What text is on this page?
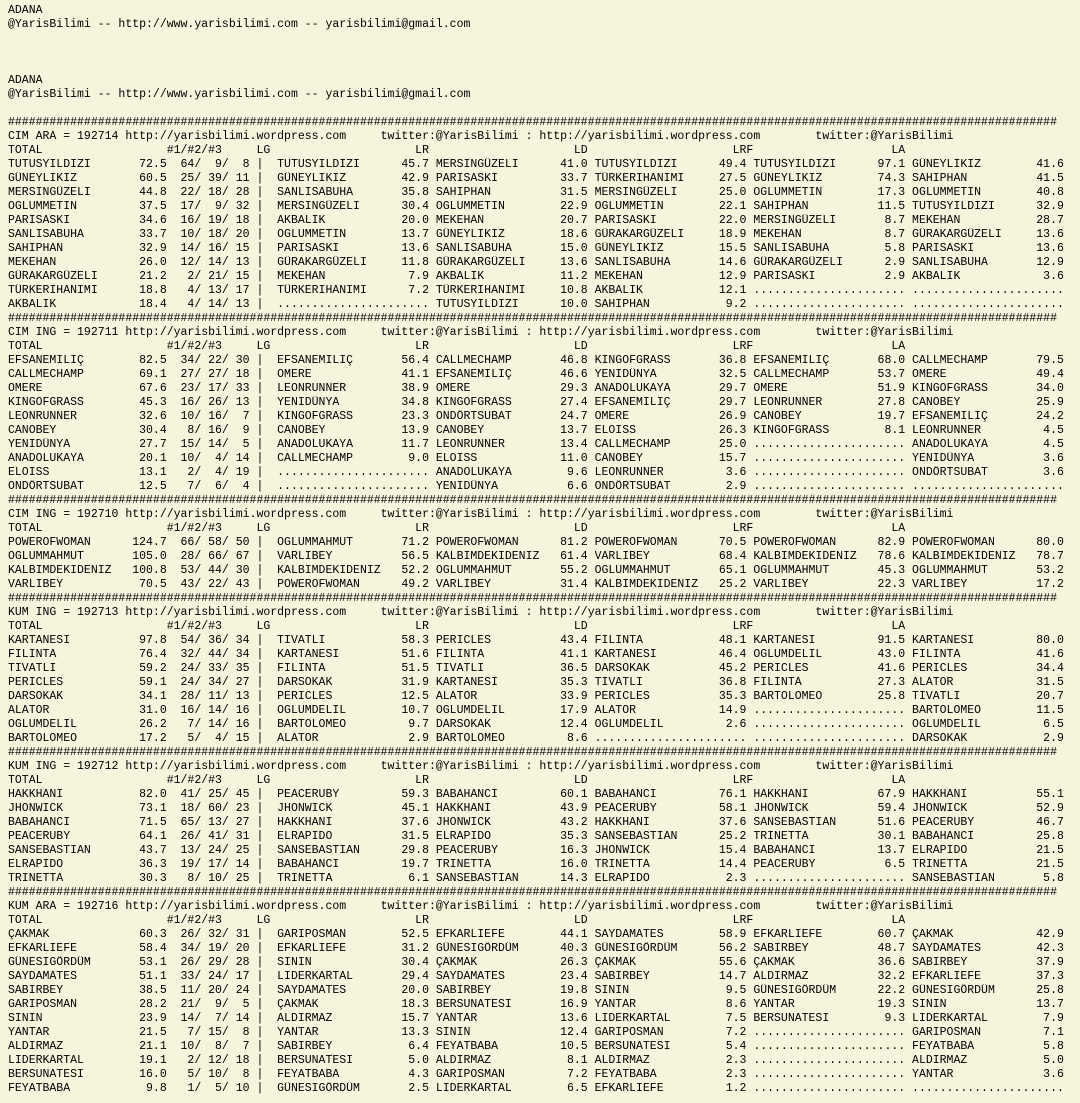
ADANA
@YarisBilimi -- http://www.yarisbilimi.com -- yarisbilimi@gmail.com
ADANA
@YarisBilimi -- http://www.yarisbilimi.com -- yarisbilimi@gmail.com
########################################################################################################################################################
CIM ARA = 192714 http://yarisbilimi.wordpress.com     twitter:@YarisBilimi : http://yarisbilimi.wordpress.com        twitter:@YarisBilimi
TOTAL                  #1/#2/#3     LG                     LR                     LD                     LRF                    LA
TUTUSYILDIZI       72.5  64/  9/  8 |  TUTUSYILDIZI      45.7 MERSINGÜZELI      41.0 TUTUSYILDIZI      49.4 TUTUSYILDIZI      97.1 GÜNEYLIKIZ        41.6
GÜNEYLIKIZ         60.5  25/ 39/ 11 |  GÜNEYLIKIZ        42.9 PARISASKI         33.7 TÜRKERIHANIMI     27.5 GÜNEYLIKIZ        74.3 SAHIPHAN          41.5
MERSINGÜZELI       44.8  22/ 18/ 28 |  SANLISABUHA       35.8 SAHIPHAN          31.5 MERSINGÜZELI      25.0 OGLUMMETIN        17.3 OGLUMMETIN        40.8
OGLUMMETIN         37.5  17/  9/ 32 |  MERSINGÜZELI      30.4 OGLUMMETIN        22.9 OGLUMMETIN        22.1 SAHIPHAN          11.5 TUTUSYILDIZI      32.9
PARISASKI          34.6  16/ 19/ 18 |  AKBALIK           20.0 MEKEHAN           20.7 PARISASKI         22.0 MERSINGÜZELI       8.7 MEKEHAN           28.7
SANLISABUHA        33.7  10/ 18/ 20 |  OGLUMMETIN        13.7 GÜNEYLIKIZ        18.6 GÜRAKARGÜZELI     18.9 MEKEHAN            8.7 GÜRAKARGÜZELI     13.6
SAHIPHAN           32.9  14/ 16/ 15 |  PARISASKI         13.6 SANLISABUHA       15.0 GÜNEYLIKIZ        15.5 SANLISABUHA        5.8 PARISASKI         13.6
MEKEHAN            26.0  12/ 14/ 13 |  GÜRAKARGÜZELI     11.8 GÜRAKARGÜZELI     13.6 SANLISABUHA       14.6 GÜRAKARGÜZELI      2.9 SANLISABUHA       12.9
GÜRAKARGÜZELI      21.2   2/ 21/ 15 |  MEKEHAN            7.9 AKBALIK           11.2 MEKEHAN           12.9 PARISASKI          2.9 AKBALIK            3.6
TÜRKERIHANIMI      18.8   4/ 13/ 17 |  TÜRKERIHANIMI      7.2 TÜRKERIHANIMI     10.8 AKBALIK           12.1 ...................... ......................
AKBALIK            18.4   4/ 14/ 13 |  ...................... TUTUSYILDIZI      10.0 SAHIPHAN           9.2 ...................... ......................
########################################################################################################################################################
CIM ING = 192711 http://yarisbilimi.wordpress.com     twitter:@YarisBilimi : http://yarisbilimi.wordpress.com        twitter:@YarisBilimi
TOTAL                  #1/#2/#3     LG                     LR                     LD                     LRF                    LA
EFSANEMILIÇ        82.5  34/ 22/ 30 |  EFSANEMILIÇ       56.4 CALLMECHAMP       46.8 KINGOFGRASS       36.8 EFSANEMILIÇ       68.0 CALLMECHAMP       79.5
CALLMECHAMP        69.1  27/ 27/ 18 |  OMERE             41.1 EFSANEMILIÇ       46.6 YENIDÜNYA         32.5 CALLMECHAMP       53.7 OMERE             49.4
OMERE              67.6  23/ 17/ 33 |  LEONRUNNER        38.9 OMERE             29.3 ANADOLUKAYA       29.7 OMERE             51.9 KINGOFGRASS       34.0
KINGOFGRASS        45.3  16/ 26/ 13 |  YENIDÜNYA         34.8 KINGOFGRASS       27.4 EFSANEMILIÇ       29.7 LEONRUNNER        27.8 CANOBEY           25.9
LEONRUNNER         32.6  10/ 16/  7 |  KINGOFGRASS       23.3 ONDÖRTSUBAT       24.7 OMERE             26.9 CANOBEY           19.7 EFSANEMILIÇ       24.2
CANOBEY            30.4   8/ 16/  9 |  CANOBEY           13.9 CANOBEY           13.7 ELOISS            26.3 KINGOFGRASS        8.1 LEONRUNNER         4.5
YENIDÜNYA          27.7  15/ 14/  5 |  ANADOLUKAYA       11.7 LEONRUNNER        13.4 CALLMECHAMP       25.0 ...................... ANADOLUKAYA        4.5
ANADOLUKAYA        20.1  10/  4/ 14 |  CALLMECHAMP        9.0 ELOISS            11.0 CANOBEY           15.7 ...................... YENIDÜNYA          3.6
ELOISS             13.1   2/  4/ 19 |  ...................... ANADOLUKAYA        9.6 LEONRUNNER         3.6 ...................... ONDÖRTSUBAT        3.6
ONDÖRTSUBAT        12.5   7/  6/  4 |  ...................... YENIDÜNYA          6.6 ONDÖRTSUBAT        2.9 ...................... ......................
########################################################################################################################################################
CIM ING = 192710 http://yarisbilimi.wordpress.com     twitter:@YarisBilimi : http://yarisbilimi.wordpress.com        twitter:@YarisBilimi
TOTAL                  #1/#2/#3     LG                     LR                     LD                     LRF                    LA
POWEROFWOMAN      124.7  66/ 58/ 50 |  OGLUMMAHMUT       71.2 POWEROFWOMAN      81.2 POWEROFWOMAN      70.5 POWEROFWOMAN      82.9 POWEROFWOMAN      80.0
OGLUMMAHMUT       105.0  28/ 66/ 67 |  VARLIBEY          56.5 KALBIMDEKIDENIZ   61.4 VARLIBEY          68.4 KALBIMDEKIDENIZ   78.6 KALBIMDEKIDENIZ   78.7
KALBIMDEKIDENIZ   100.8  53/ 44/ 30 |  KALBIMDEKIDENIZ   52.2 OGLUMMAHMUT       55.2 OGLUMMAHMUT       65.1 OGLUMMAHMUT       45.3 OGLUMMAHMUT       53.2
VARLIBEY           70.5  43/ 22/ 43 |  POWEROFWOMAN      49.2 VARLIBEY          31.4 KALBIMDEKIDENIZ   25.2 VARLIBEY          22.3 VARLIBEY          17.2
########################################################################################################################################################
KUM ING = 192713 http://yarisbilimi.wordpress.com     twitter:@YarisBilimi : http://yarisbilimi.wordpress.com        twitter:@YarisBilimi
TOTAL                  #1/#2/#3     LG                     LR                     LD                     LRF                    LA
KARTANESI          97.8  54/ 36/ 34 |  TIVATLI           58.3 PERICLES          43.4 FILINTA           48.1 KARTANESI         91.5 KARTANESI         80.0
FILINTA            76.4  32/ 44/ 34 |  KARTANESI         51.6 FILINTA           41.1 KARTANESI         46.4 OGLUMDELIL        43.0 FILINTA           41.6
TIVATLI            59.2  24/ 33/ 35 |  FILINTA           51.5 TIVATLI           36.5 DARSOKAK          45.2 PERICLES          41.6 PERICLES          34.4
PERICLES           59.1  24/ 34/ 27 |  DARSOKAK          31.9 KARTANESI         35.3 TIVATLI           36.8 FILINTA           27.3 ALATOR            31.5
DARSOKAK           34.1  28/ 11/ 13 |  PERICLES          12.5 ALATOR            33.9 PERICLES          35.3 BARTOLOMEO        25.8 TIVATLI           20.7
ALATOR             31.0  16/ 14/ 16 |  OGLUMDELIL        10.7 OGLUMDELIL        17.9 ALATOR            14.9 ...................... BARTOLOMEO        11.5
OGLUMDELIL         26.2   7/ 14/ 16 |  BARTOLOMEO         9.7 DARSOKAK          12.4 OGLUMDELIL         2.6 ...................... OGLUMDELIL         6.5
BARTOLOMEO         17.2   5/  4/ 15 |  ALATOR             2.9 BARTOLOMEO         8.6 ...................... ...................... DARSOKAK           2.9
########################################################################################################################################################
KUM ING = 192712 http://yarisbilimi.wordpress.com     twitter:@YarisBilimi : http://yarisbilimi.wordpress.com        twitter:@YarisBilimi
TOTAL                  #1/#2/#3     LG                     LR                     LD                     LRF                    LA
HAKKHANI           82.0  41/ 25/ 45 |  PEACERUBY         59.3 BABAHANCI         60.1 BABAHANCI         76.1 HAKKHANI          67.9 HAKKHANI          55.1
JHONWICK           73.1  18/ 60/ 23 |  JHONWICK          45.1 HAKKHANI          43.9 PEACERUBY         58.1 JHONWICK          59.4 JHONWICK          52.9
BABAHANCI          71.5  65/ 13/ 27 |  HAKKHANI          37.6 JHONWICK          43.2 HAKKHANI          37.6 SANSEBASTIAN      51.6 PEACERUBY         46.7
PEACERUBY          64.1  26/ 41/ 31 |  ELRAPIDO          31.5 ELRAPIDO          35.3 SANSEBASTIAN      25.2 TRINETTA          30.1 BABAHANCI         25.8
SANSEBASTIAN       43.7  13/ 24/ 25 |  SANSEBASTIAN      29.8 PEACERUBY         16.3 JHONWICK          15.4 BABAHANCI         13.7 ELRAPIDO          21.5
ELRAPIDO           36.3  19/ 17/ 14 |  BABAHANCI         19.7 TRINETTA          16.0 TRINETTA          14.4 PEACERUBY          6.5 TRINETTA          21.5
TRINETTA           30.3   8/ 10/ 25 |  TRINETTA           6.1 SANSEBASTIAN      14.3 ELRAPIDO           2.3 ...................... SANSEBASTIAN       5.8
########################################################################################################################################################
KUM ARA = 192716 http://yarisbilimi.wordpress.com     twitter:@YarisBilimi : http://yarisbilimi.wordpress.com        twitter:@YarisBilimi
TOTAL                  #1/#2/#3     LG                     LR                     LD                     LRF                    LA
ÇAKMAK             60.3  26/ 32/ 31 |  GARIPOSMAN        52.5 EFKARLIEFE        44.1 SAYDAMATES        58.9 EFKARLIEFE        60.7 ÇAKMAK            42.9
EFKARLIEFE         58.4  34/ 19/ 20 |  EFKARLIEFE        31.2 GÜNESIGÖRDÜM      40.3 GÜNESIGÖRDÜM      56.2 SABIRBEY          48.7 SAYDAMATES        42.3
GÜNESIGÖRDÜM       53.1  26/ 29/ 28 |  SININ             30.4 ÇAKMAK            26.3 ÇAKMAK            55.6 ÇAKMAK            36.6 SABIRBEY          37.9
SAYDAMATES         51.1  33/ 24/ 17 |  LIDERKARTAL       29.4 SAYDAMATES        23.4 SABIRBEY          14.7 ALDIRMAZ          32.2 EFKARLIEFE        37.3
SABIRBEY           38.5  11/ 20/ 24 |  SAYDAMATES        20.0 SABIRBEY          19.8 SININ              9.5 GÜNESIGÖRDÜM      22.2 GÜNESIGÖRDÜM      25.8
GARIPOSMAN         28.2  21/  9/  5 |  ÇAKMAK            18.3 BERSUNATESI       16.9 YANTAR             8.6 YANTAR            19.3 SININ             13.7
SININ              23.9  14/  7/ 14 |  ALDIRMAZ          15.7 YANTAR            13.6 LIDERKARTAL        7.5 BERSUNATESI        9.3 LIDERKARTAL        7.9
YANTAR             21.5   7/ 15/  8 |  YANTAR            13.3 SININ             12.4 GARIPOSMAN         7.2 ...................... GARIPOSMAN         7.1
ALDIRMAZ           21.1  10/  8/  7 |  SABIRBEY           6.4 FEYATBABA         10.5 BERSUNATESI        5.4 ...................... FEYATBABA          5.8
LIDERKARTAL        19.1   2/ 12/ 18 |  BERSUNATESI        5.0 ALDIRMAZ           8.1 ALDIRMAZ           2.3 ...................... ALDIRMAZ           5.0
BERSUNATESI        16.0   5/ 10/  8 |  FEYATBABA          4.3 GARIPOSMAN         7.2 FEYATBABA          2.3 ...................... YANTAR             3.6
FEYATBABA           9.8   1/  5/ 10 |  GÜNESIGÖRDÜM       2.5 LIDERKARTAL        6.5 EFKARLIEFE         1.2 ...................... ......................
